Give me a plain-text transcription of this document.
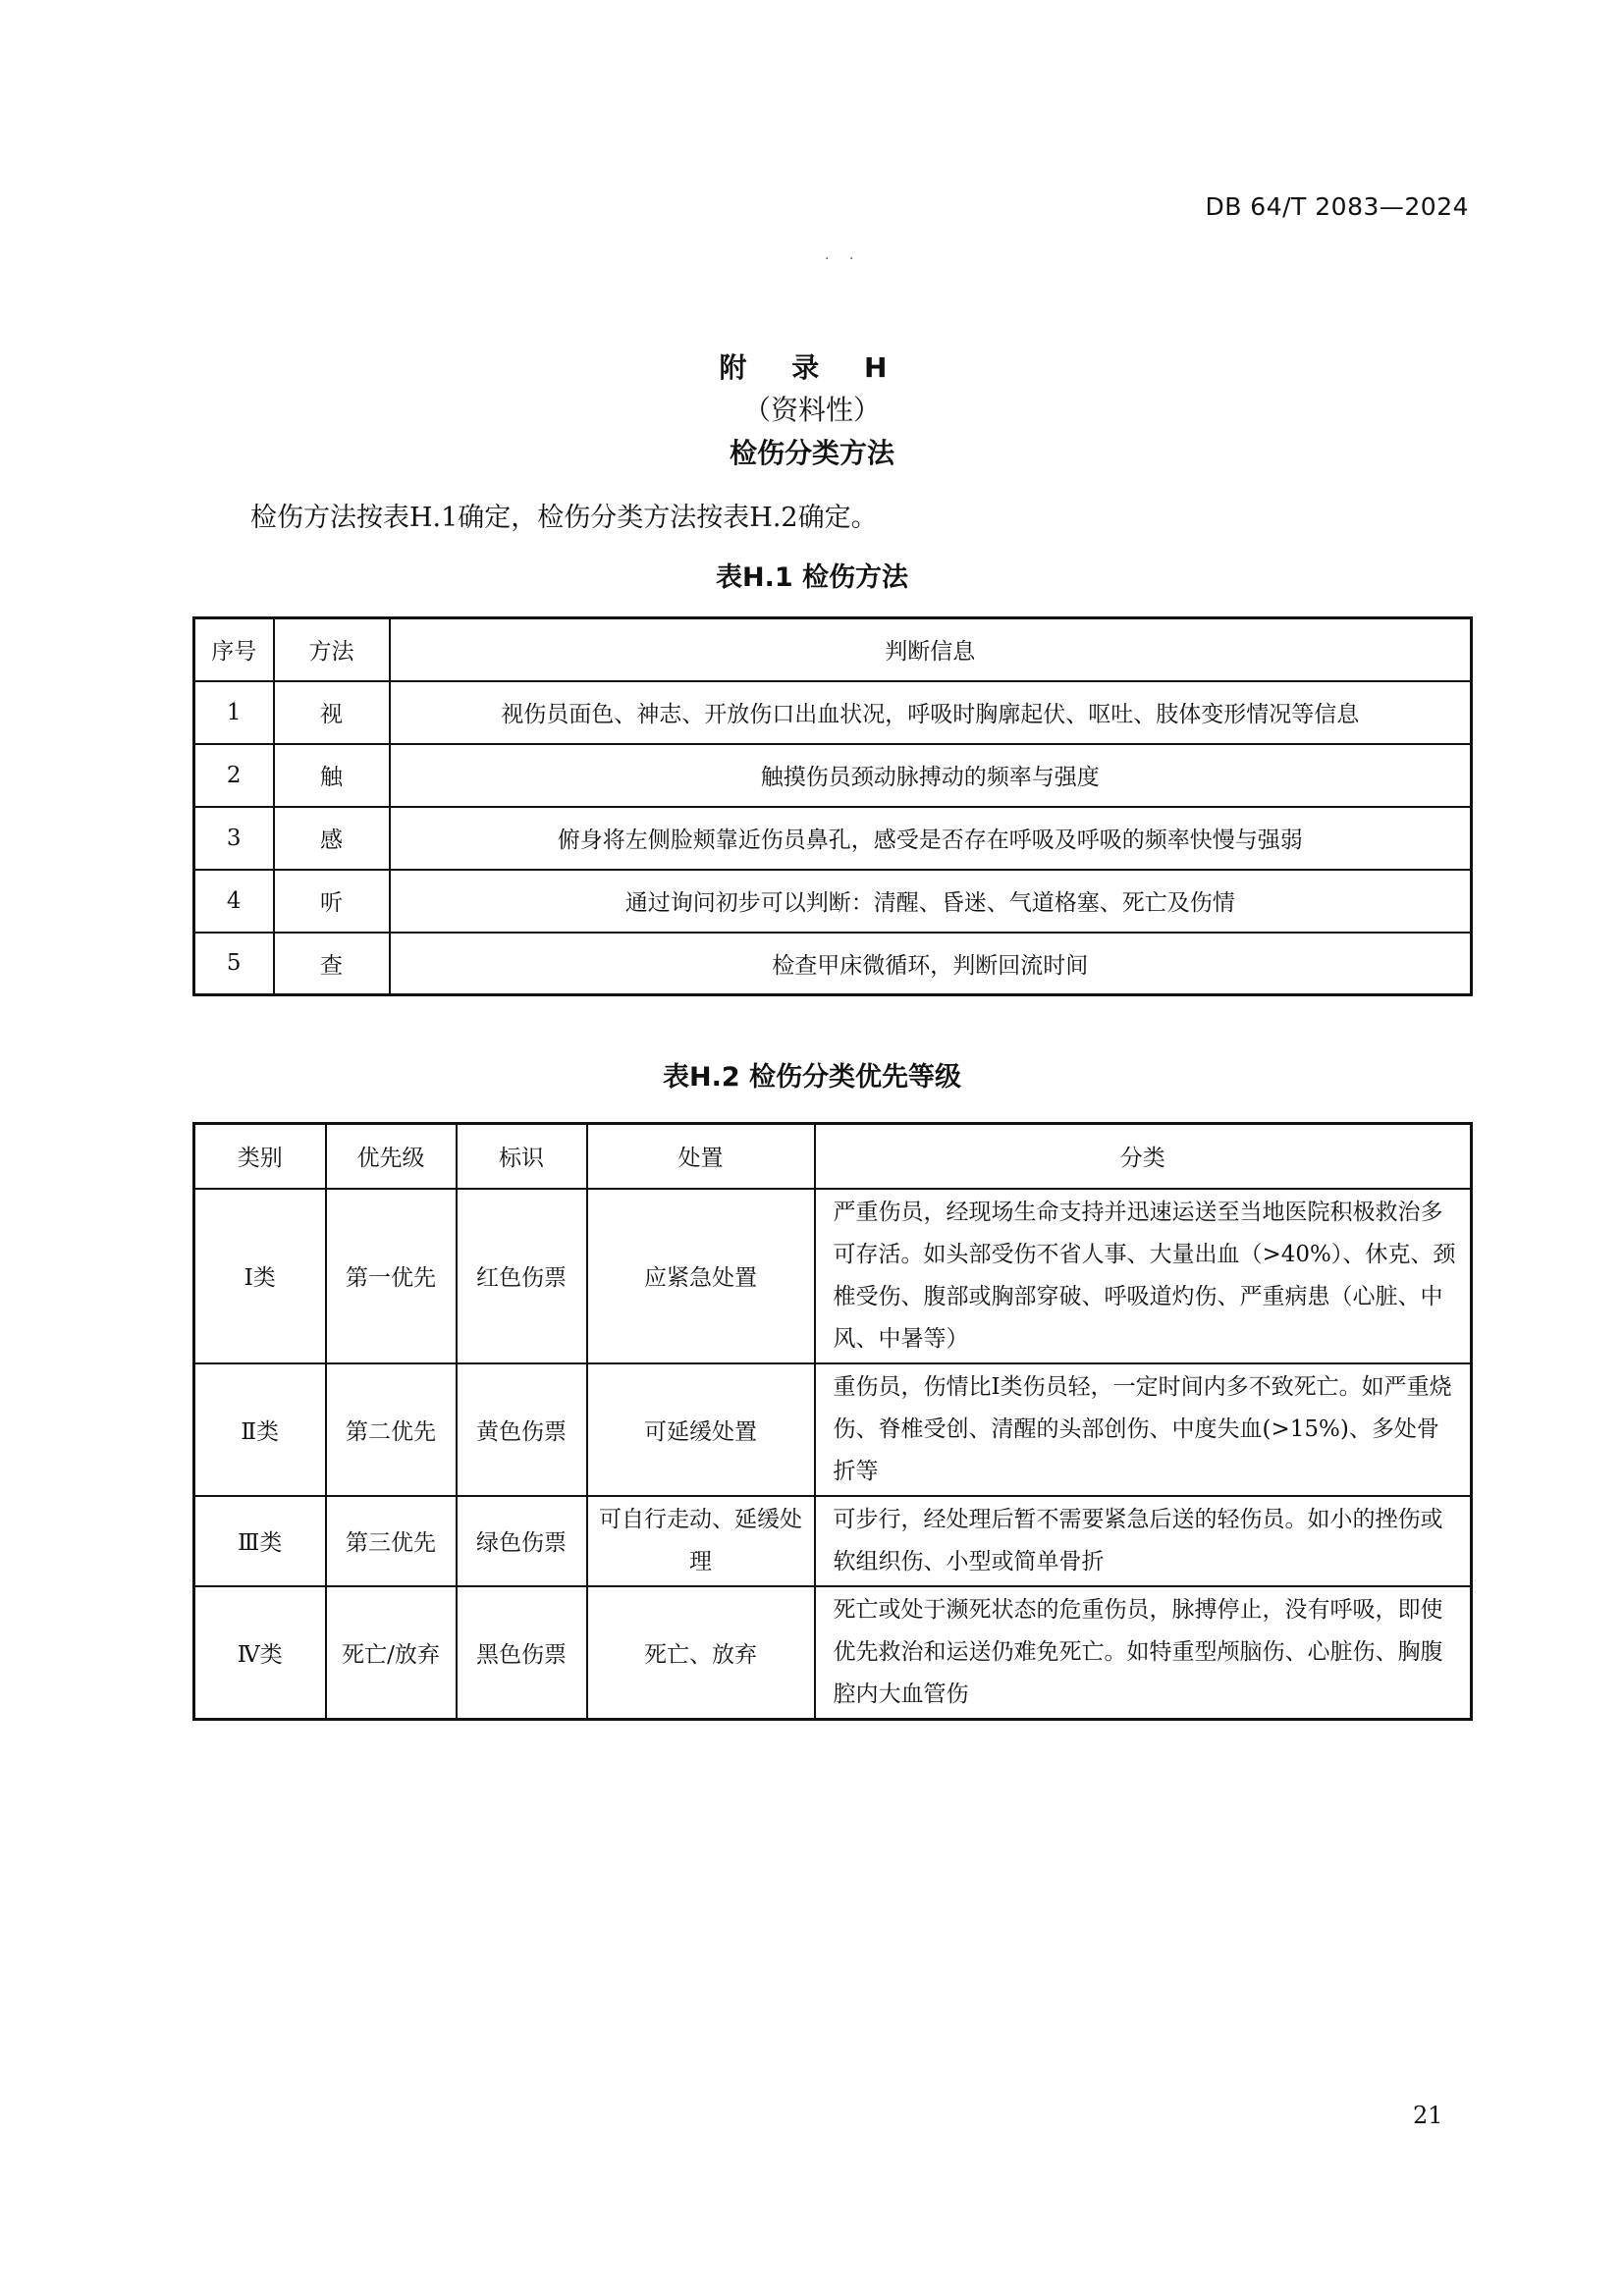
DB 64/T 2083—2024
. .
附 录 H
（资料性）
检伤分类方法
检伤方法按表H.1确定，检伤分类方法按表H.2确定。
表H.1 检伤方法
序号	方法	判断信息
1	视	视伤员面色、神志、开放伤口出血状况，呼吸时胸廓起伏、呕吐、肢体变形情况等信息
2	触	触摸伤员颈动脉搏动的频率与强度
3	感	俯身将左侧脸颊靠近伤员鼻孔，感受是否存在呼吸及呼吸的频率快慢与强弱
4	听	通过询问初步可以判断：清醒、昏迷、气道格塞、死亡及伤情
5	查	检查甲床微循环，判断回流时间
表H.2 检伤分类优先等级
类别	优先级	标识	处置	分类
Ⅰ类	第一优先	红色伤票	应紧急处置	严重伤员，经现场生命支持并迅速运送至当地医院积极救治多可存活。如头部受伤不省人事、大量出血（>40%）、休克、颈椎受伤、腹部或胸部穿破、呼吸道灼伤、严重病患（心脏、中风、中暑等）
Ⅱ类	第二优先	黄色伤票	可延缓处置	重伤员，伤情比Ⅰ类伤员轻，一定时间内多不致死亡。如严重烧伤、脊椎受创、清醒的头部创伤、中度失血(>15%)、多处骨折等
Ⅲ类	第三优先	绿色伤票	可自行走动、延缓处理	可步行，经处理后暂不需要紧急后送的轻伤员。如小的挫伤或软组织伤、小型或简单骨折
Ⅳ类	死亡/放弃	黑色伤票	死亡、放弃	死亡或处于濒死状态的危重伤员，脉搏停止，没有呼吸，即使优先救治和运送仍难免死亡。如特重型颅脑伤、心脏伤、胸腹腔内大血管伤
21
